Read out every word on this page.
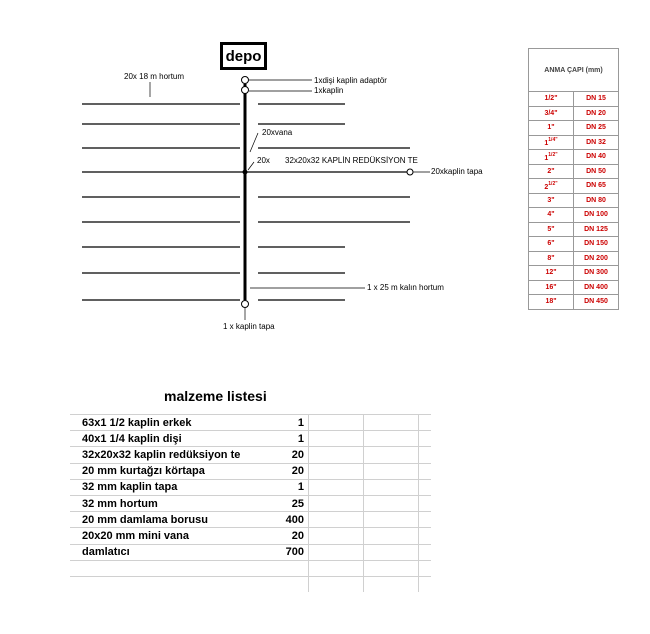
depo
20x 18 m hortum	1xdişi kaplin adaptör
1xkaplin
20xvana
20x 32x20x32 KAPLİN REDÜKSİYON TE
20xkaplin tapa
1 x 25 m kalın hortum
1 x kaplin tapa
ANMA ÇAPI (mm)	
1/2"	DN 15
3/4"	DN 20
1"	DN 25
$1^{1/4"}$	DN 32
$1^{1/2"}$	DN 40
2"	DN 50
$2^{1/2"}$	DN 65
3"	DN 80
4"	DN 100
5"	DN 125
6"	DN 150
8"	DN 200
12"	DN 300
16"	DN 400
18"	DN 450
malzeme listesi
63x1 1/2 kaplin erkek	1			
40x1 1/4 kaplin dişi	1			
32x20x32 kaplin redüksiyon te	20			
20 mm kurtağzı körtapa	20			
32 mm kaplin tapa	1			
32 mm hortum	25			
20 mm damlama borusu	400			
20x20 mm mini vana	20			
damlatıcı	700			
